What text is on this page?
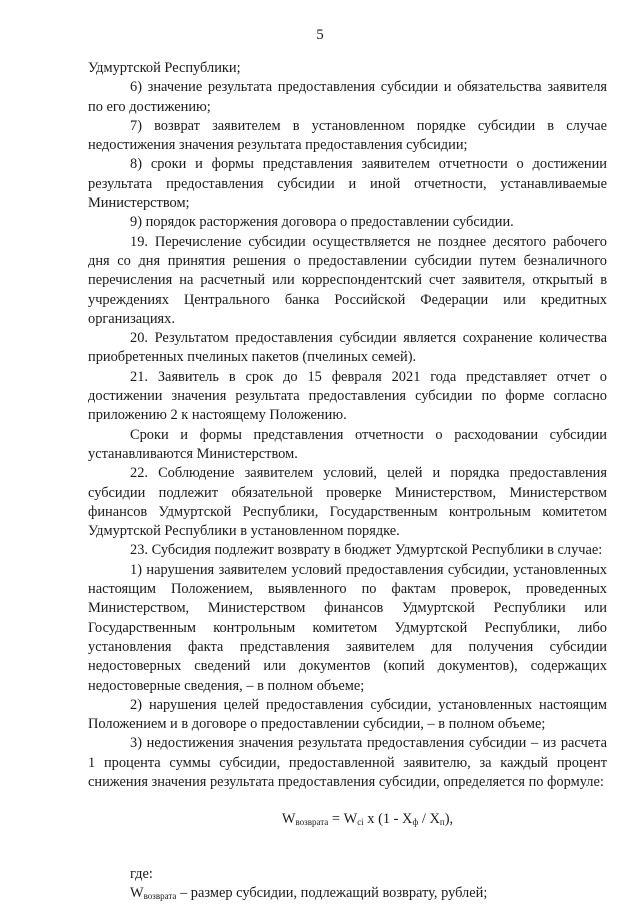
5

Удмуртской Республики;

6) значение результата предоставления субсидии и обязательства заявителя по его достижению;

7) возврат заявителем в установленном порядке субсидии в случае недостижения значения результата предоставления субсидии;

8) сроки и формы представления заявителем отчетности о достижении результата предоставления субсидии и иной отчетности, устанавливаемые Министерством;

9) порядок расторжения договора о предоставлении субсидии.

19. Перечисление субсидии осуществляется не позднее десятого рабочего дня со дня принятия решения о предоставлении субсидии путем безналичного перечисления на расчетный или корреспондентский счет заявителя, открытый в учреждениях Центрального банка Российской Федерации или кредитных организациях.

20. Результатом предоставления субсидии является сохранение количества приобретенных пчелиных пакетов (пчелиных семей).

21. Заявитель в срок до 15 февраля 2021 года представляет отчет о достижении значения результата предоставления субсидии по форме согласно приложению 2 к настоящему Положению.

Сроки и формы представления отчетности о расходовании субсидии устанавливаются Министерством.

22. Соблюдение заявителем условий, целей и порядка предоставления субсидии подлежит обязательной проверке Министерством, Министерством финансов Удмуртской Республики, Государственным контрольным комитетом Удмуртской Республики в установленном порядке.

23. Субсидия подлежит возврату в бюджет Удмуртской Республики в случае:

1) нарушения заявителем условий предоставления субсидии, установленных настоящим Положением, выявленного по фактам проверок, проведенных Министерством, Министерством финансов Удмуртской Республики или Государственным контрольным комитетом Удмуртской Республики, либо установления факта представления заявителем для получения субсидии недостоверных сведений или документов (копий документов), содержащих недостоверные сведения, – в полном объеме;

2) нарушения целей предоставления субсидии, установленных настоящим Положением и в договоре о предоставлении субсидии, – в полном объеме;

3) недостижения значения результата предоставления субсидии – из расчета 1 процента суммы субсидии, предоставленной заявителю, за каждый процент снижения значения результата предоставления субсидии, определяется по формуле:

$W_{возврата} = W_{ci}$ x $(1 - X_ф / X_п)$,

где:

$W_{возврата}$ – размер субсидии, подлежащий возврату, рублей;
